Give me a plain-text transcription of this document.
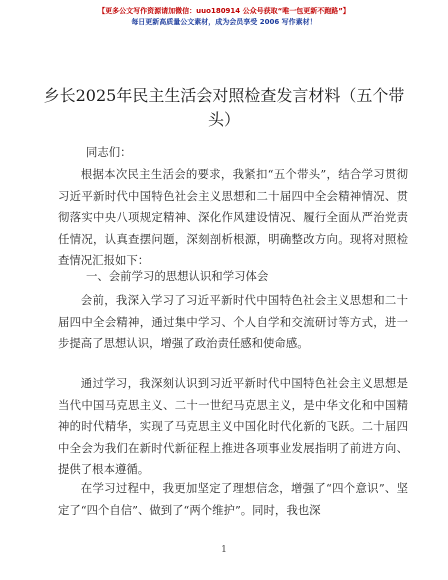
【更多公文写作资源请加微信：uuo180914 公众号获取“唯一包更新不跑路”】
每日更新高质量公文素材，成为会员享受 2006 写作素材！
乡长2025年民主生活会对照检查发言材料（五个带头）
同志们：
根据本次民主生活会的要求，我紧扣“五个带头”，结合学习贯彻习近平新时代中国特色社会主义思想和二十届四中全会精神情况、贯彻落实中央八项规定精神、深化作风建设情况、履行全面从严治党责任情况，认真查摆问题，深刻剖析根源，明确整改方向。现将对照检查情况汇报如下：
一、会前学习的思想认识和学习体会
会前，我深入学习了习近平新时代中国特色社会主义思想和二十届四中全会精神，通过集中学习、个人自学和交流研讨等方式，进一步提高了思想认识，增强了政治责任感和使命感。
通过学习，我深刻认识到习近平新时代中国特色社会主义思想是当代中国马克思主义、二十一世纪马克思主义，是中华文化和中国精神的时代精华，实现了马克思主义中国化时代化新的飞跃。二十届四中全会为我们在新时代新征程上推进各项事业发展指明了前进方向、提供了根本遵循。
在学习过程中，我更加坚定了理想信念，增强了“四个意识”、坚定了“四个自信”、做到了“两个维护”。同时，我也深
1
